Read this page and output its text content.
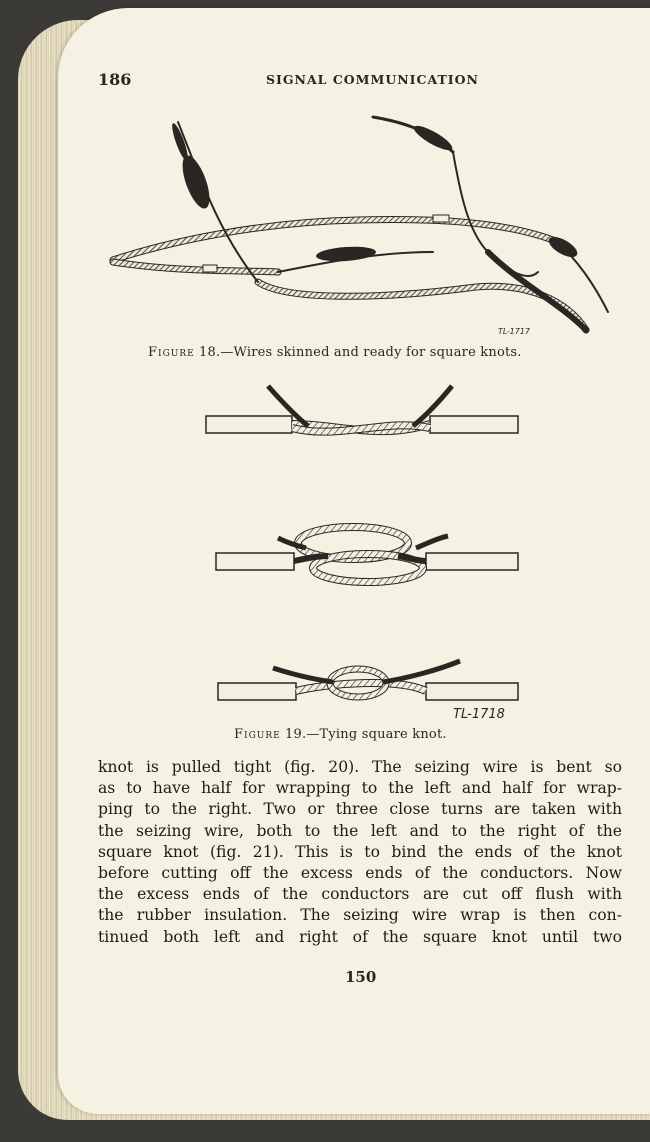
186	SIGNAL COMMUNICATION
TL-1717
Figure 18.—Wires skinned and ready for square knots.
TL-1718
Figure 19.—Tying square knot.
knot is pulled tight (fig. 20). The seizing wire is bent so
as to have half for wrapping to the left and half for wrap-
ping to the right. Two or three close turns are taken with
the seizing wire, both to the left and to the right of the
square knot (fig. 21). This is to bind the ends of the knot
before cutting off the excess ends of the conductors. Now
the excess ends of the conductors are cut off flush with
the rubber insulation. The seizing wire wrap is then con-
tinued both left and right of the square knot until two
150
